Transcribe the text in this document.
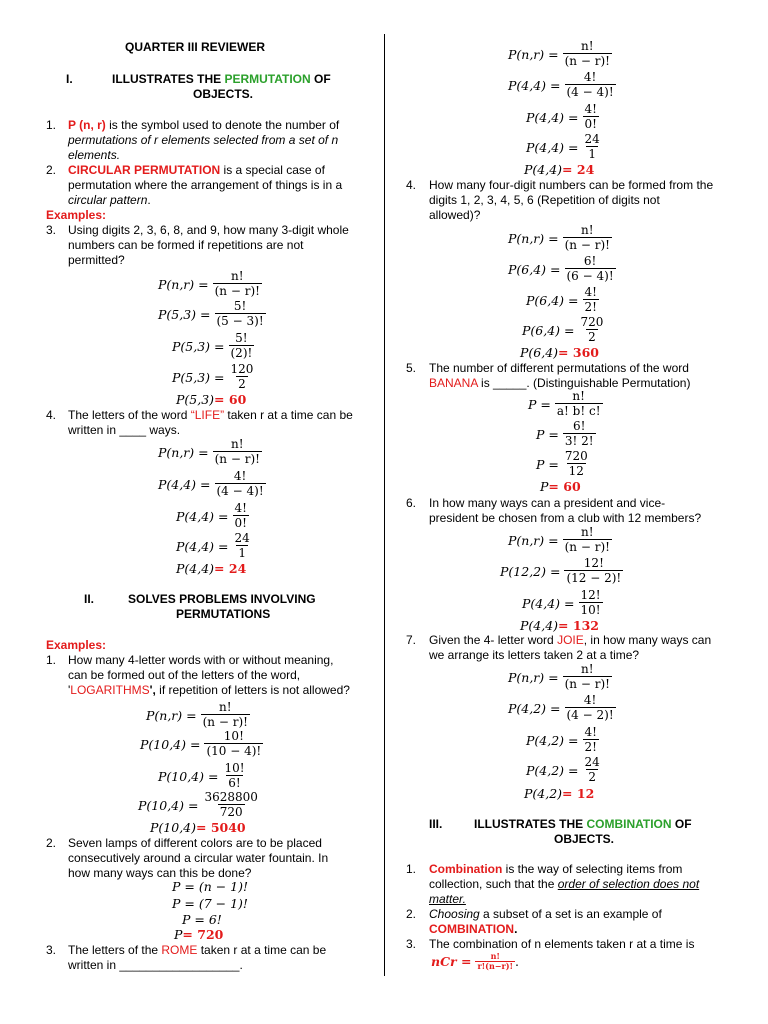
QUARTER III REVIEWER
I.	ILLUSTRATES THE PERMUTATION OF
OBJECTS.
1. P (n, r) is the symbol used to denote the number of
permutations of r elements selected from a set of n
elements.
2. CIRCULAR PERMUTATION is a special case of
permutation where the arrangement of things is in a
circular pattern.
Examples:
3. Using digits 2, 3, 6, 8, and 9, how many 3-digit whole
numbers can be formed if repetitions are not
permitted?
$P(n,r) = \frac{n!}{(n - r)!}$
$P(5,3) = \frac{5!}{(5 - 3)!}$
$P(5,3) = \frac{5!}{(2)!}$
$P(5,3) = \frac{120}{2}$
P(5,3) = 60
4. The letters of the word “LIFE” taken r at a time can be
written in ____ ways.
$P(n,r) = \frac{n!}{(n - r)!}$
$P(4,4) = \frac{4!}{(4 - 4)!}$
$P(4,4) = \frac{4!}{0!}$
$P(4,4) = \frac{24}{1}$
P(4,4) = 24
II.	SOLVES PROBLEMS INVOLVING
PERMUTATIONS
Examples:
1. How many 4-letter words with or without meaning,
can be formed out of the letters of the word,
'LOGARITHMS', if repetition of letters is not allowed?
$P(n,r) = \frac{n!}{(n - r)!}$
$P(10,4) = \frac{10!}{(10 - 4)!}$
$P(10,4) = \frac{10!}{6!}$
$P(10,4) = \frac{3628800}{720}$
P(10,4) = 5040
2. Seven lamps of different colors are to be placed
consecutively around a circular water fountain. In
how many ways can this be done?
P = (n − 1)!
P = (7 − 1)!
P = 6!
P = 720
3. The letters of the ROME taken r at a time can be
written in __________________.
$P(n,r) = \frac{n!}{(n - r)!}$
$P(4,4) = \frac{4!}{(4 - 4)!}$
$P(4,4) = \frac{4!}{0!}$
$P(4,4) = \frac{24}{1}$
P(4,4) = 24
4. How many four-digit numbers can be formed from the
digits 1, 2, 3, 4, 5, 6 (Repetition of digits not
allowed)?
$P(n,r) = \frac{n!}{(n - r)!}$
$P(6,4) = \frac{6!}{(6 - 4)!}$
$P(6,4) = \frac{4!}{2!}$
$P(6,4) = \frac{720}{2}$
P(6,4) = 360
5. The number of different permutations of the word
BANANA is _____. (Distinguishable Permutation)
$P = \frac{n!}{a! b! c!}$
$P = \frac{6!}{3! 2!}$
$P = \frac{720}{12}$
P = 60
6. In how many ways can a president and vice-
president be chosen from a club with 12 members?
$P(n,r) = \frac{n!}{(n - r)!}$
$P(12,2) = \frac{12!}{(12 - 2)!}$
$P(4,4) = \frac{12!}{10!}$
P(4,4) = 132
7. Given the 4- letter word JOIE, in how many ways can
we arrange its letters taken 2 at a time?
$P(n,r) = \frac{n!}{(n - r)!}$
$P(4,2) = \frac{4!}{(4 - 2)!}$
$P(4,2) = \frac{4!}{2!}$
$P(4,2) = \frac{24}{2}$
P(4,2) = 12
III.	ILLUSTRATES THE COMBINATION OF
OBJECTS.
1. Combination is the way of selecting items from
collection, such that the order of selection does not
matter.
2. Choosing a subset of a set is an example of
COMBINATION.
3. The combination of n elements taken r at a time is
nCr = $\frac{n!}{r!(n-r)!}$ .
